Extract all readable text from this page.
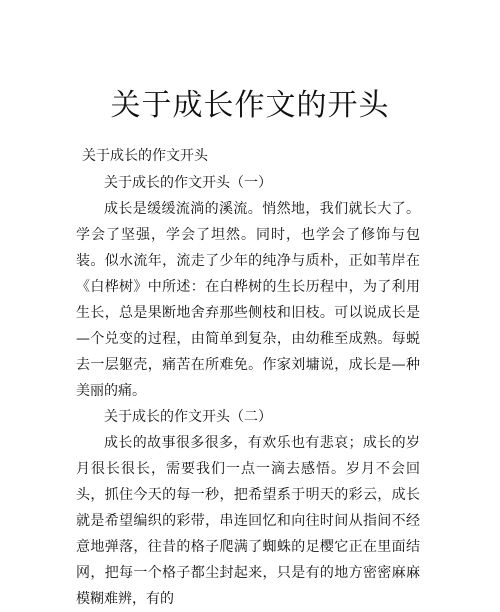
关于成长作文的开头

关于成长的作文开头

关于成长的作文开头（一）

成长是缓缓流淌的溪流。悄然地，我们就长大了。学会了坚强，学会了坦然。同时，也学会了修饰与包装。似水流年，流走了少年的纯净与质朴，正如苇岸在《白桦树》中所述：在白桦树的生长历程中，为了利用生长，总是果断地舍弃那些侧枝和旧枝。可以说成长是—个兑变的过程，由简单到复杂，由幼稚至成熟。每蜕去一层躯壳，痛苦在所难免。作家刘墉说，成长是—种美丽的痛。

关于成长的作文开头（二）

成长的故事很多很多，有欢乐也有悲哀；成长的岁月很长很长，需要我们一点一滴去感悟。岁月不会回头，抓住今天的每一秒，把希望系于明天的彩云，成长就是希望编织的彩带，串连回忆和向往时间从指间不经意地弹落，往昔的格子爬满了蜘蛛的足樱它正在里面结网，把每一个格子都尘封起来，只是有的地方密密麻麻模糊难辨，有的
